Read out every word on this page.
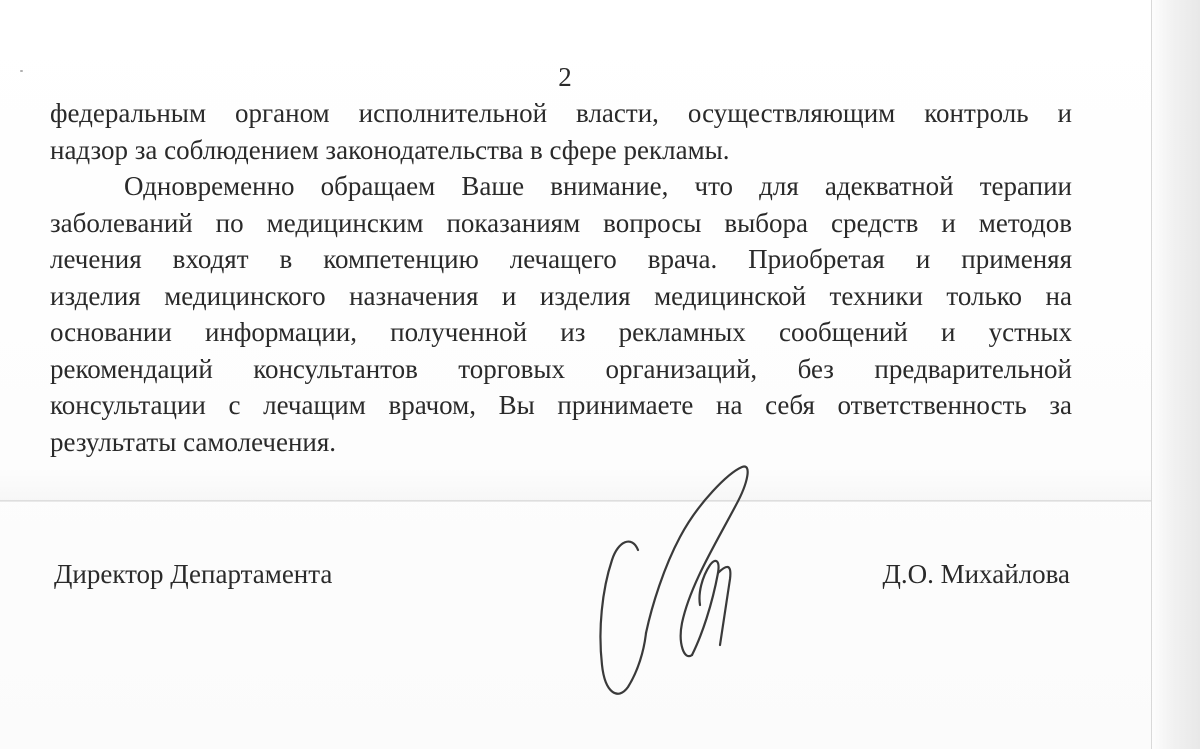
2
федеральным органом исполнительной власти, осуществляющим контроль и
надзор за соблюдением законодательства в сфере рекламы.
Одновременно обращаем Ваше внимание, что для адекватной терапии
заболеваний по медицинским показаниям вопросы выбора средств и методов
лечения входят в компетенцию лечащего врача. Приобретая и применяя
изделия медицинского назначения и изделия медицинской техники только на
основании информации, полученной из рекламных сообщений и устных
рекомендаций консультантов торговых организаций, без предварительной
консультации с лечащим врачом, Вы принимаете на себя ответственность за
результаты самолечения.
Директор Департамента	Д.О. Михайлова
